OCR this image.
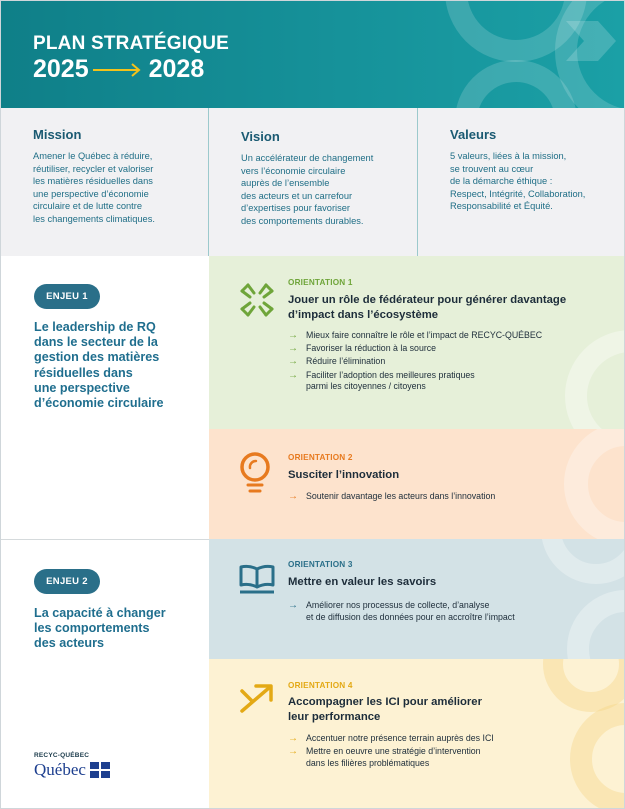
PLAN STRATÉGIQUE
2025 2028
Mission

Amener le Québec à réduire,
réutiliser, recycler et valoriser
les matières résiduelles dans
une perspective d’économie
circulaire et de lutte contre
les changements climatiques.

Vision

Un accélérateur de changement
vers l’économie circulaire
auprès de l’ensemble
des acteurs et un carrefour
d’expertises pour favoriser
des comportements durables.

Valeurs

5 valeurs, liées à la mission,
se trouvent au cœur
de la démarche éthique :
Respect, Intégrité, Collaboration,
Responsabilité et Équité.

ENJEU 1
Le leadership de RQ
dans le secteur de la
gestion des matières
résiduelles dans
une perspective
d’économie circulaire
ENJEU 2
La capacité à changer
les comportements
des acteurs
RECYC-QUÉBEC
Québec
ORIENTATION 1
Jouer un rôle de fédérateur pour générer davantage
d’impact dans l’écosystème
→ Mieux faire connaître le rôle et l’impact de RECYC-QUÉBEC
→ Favoriser la réduction à la source
→ Réduire l’élimination
→ Faciliter l’adoption des meilleures pratiques
parmi les citoyennes / citoyens
ORIENTATION 2
Susciter l’innovation
→ Soutenir davantage les acteurs dans l’innovation
ORIENTATION 3
Mettre en valeur les savoirs
→ Améliorer nos processus de collecte, d’analyse
et de diffusion des données pour en accroître l’impact
ORIENTATION 4
Accompagner les ICI pour améliorer
leur performance
→ Accentuer notre présence terrain auprès des ICI
→ Mettre en oeuvre une stratégie d’intervention
dans les filières problématiques
